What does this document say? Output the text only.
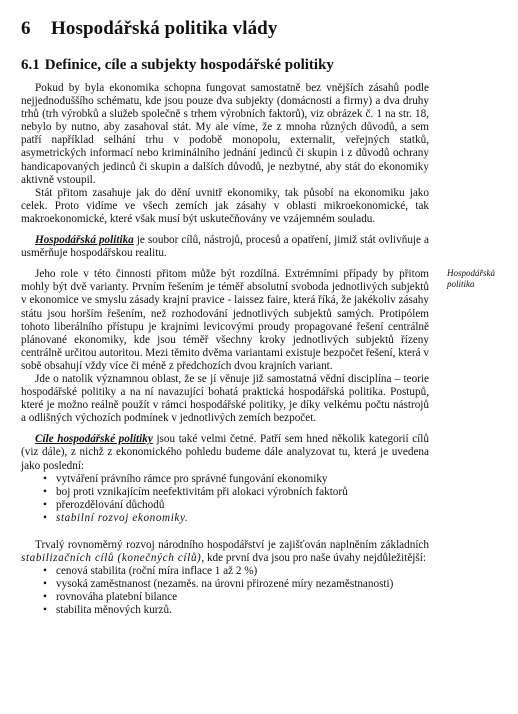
6 Hospodářská politika vlády
6.1 Definice, cíle a subjekty hospodářské politiky

Pokud by byla ekonomika schopna fungovat samostatně bez vnějších zásahů podle nejjednoduššího schématu, kde jsou pouze dva subjekty (domácnosti a firmy) a dva druhy trhů (trh výrobků a služeb společně s trhem výrobních faktorů), viz obrázek č. 1 na str. 18, nebylo by nutno, aby zasahoval stát. My ale víme, že z mnoha různých důvodů, a sem patří například selhání trhu v podobě monopolu, externalit, veřejných statků, asymetrických informací nebo kriminálního jednání jedinců či skupin i z důvodů ochrany handicapovaných jedinců či skupin a dalších důvodů, je nezbytné, aby stát do ekonomiky aktivně vstoupil.

Stát přitom zasahuje jak do dění uvnitř ekonomiky, tak působí na ekonomiku jako celek. Proto vidíme ve všech zemích jak zásahy v oblasti mikroekonomické, tak makroekonomické, které však musí být uskutečňovány ve vzájemném souladu.

Hospodářská politika je soubor cílů, nástrojů, procesů a opatření, jimiž stát ovlivňuje a usměrňuje hospodářskou realitu.

Jeho role v této činnosti přitom může být rozdílná. Extrémními případy by přitom mohly být dvě varianty. Prvním řešením je téměř absolutní svoboda jednotlivých subjektů v ekonomice ve smyslu zásady krajní pravice - laissez faire, která říká, že jakékoliv zásahy státu jsou horším řešením, než rozhodování jednotlivých subjektů samých. Protipólem tohoto liberálního přístupu je krajními levicovými proudy propagované řešení centrálně plánované ekonomiky, kde jsou téměř všechny kroky jednotlivých subjektů řízeny centrálně určitou autoritou. Mezi těmito dvěma variantami existuje bezpočet řešení, která v sobě obsahují vždy více či méně z předchozích dvou krajních variant.

Jde o natolik významnou oblast, že se jí věnuje již samostatná vědní disciplína – teorie hospodářské politiky a na ní navazující bohatá praktická hospodářská politika. Postupů, které je možno reálně použít v rámci hospodářské politiky, je díky velkému počtu nástrojů a odlišných výchozích podmínek v jednotlivých zemích bezpočet.

Cíle hospodářské politiky jsou také velmi četné. Patří sem hned několik kategorií cílů (viz dále), z nichž z ekonomického pohledu budeme dále analyzovat tu, která je uvedena jako poslední:

• vytváření právního rámce pro správné fungování ekonomiky
• boj proti vznikajícím neefektivitám při alokaci výrobních faktorů
• přerozdělování důchodů
• stabilní rozvoj ekonomiky.

Trvalý rovnoměrný rozvoj národního hospodářství je zajišťován naplněním základních stabilizačních cílů (konečných cílů), kde první dva jsou pro naše úvahy nejdůležitější:

• cenová stabilita (roční míra inflace 1 až 2 %)
• vysoká zaměstnanost (nezaměs. na úrovni přirozené míry nezaměstnanosti)
• rovnováha platební bilance
• stabilita měnových kurzů.
Hospodářská politika
